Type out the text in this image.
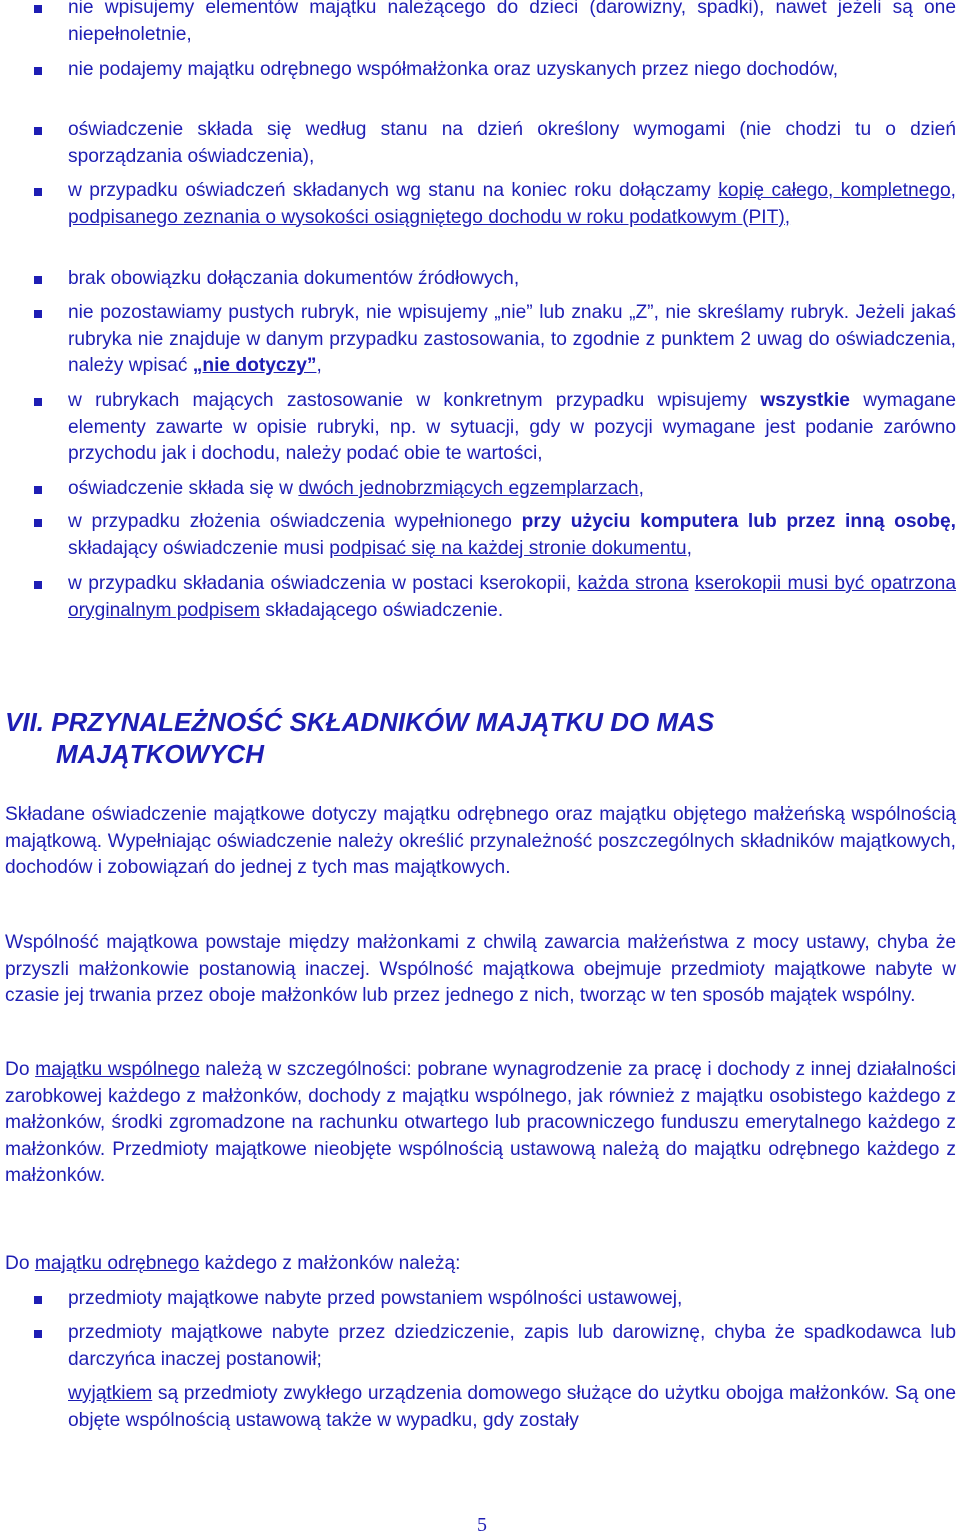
nie wpisujemy elementów majątku należącego do dzieci (darowizny, spadki), nawet jeżeli są one niepełnoletnie,

nie podajemy majątku odrębnego współmałżonka oraz uzyskanych przez niego dochodów,

oświadczenie składa się według stanu na dzień określony wymogami (nie chodzi tu o dzień sporządzania oświadczenia),

w przypadku oświadczeń składanych wg stanu na koniec roku dołączamy kopię całego, kompletnego, podpisanego zeznania o wysokości osiągniętego dochodu w roku podatkowym (PIT),

brak obowiązku dołączania dokumentów źródłowych,

nie pozostawiamy pustych rubryk, nie wpisujemy „nie” lub znaku „Z”, nie skreślamy rubryk. Jeżeli jakaś rubryka nie znajduje w danym przypadku zastosowania, to zgodnie z punktem 2 uwag do oświadczenia, należy wpisać „nie dotyczy”,

w rubrykach mających zastosowanie w konkretnym przypadku wpisujemy wszystkie wymagane elementy zawarte w opisie rubryki, np. w sytuacji, gdy w pozycji wymagane jest podanie zarówno przychodu jak i dochodu, należy podać obie te wartości,

oświadczenie składa się w dwóch jednobrzmiących egzemplarzach,

w przypadku złożenia oświadczenia wypełnionego przy użyciu komputera lub przez inną osobę, składający oświadczenie musi podpisać się na każdej stronie dokumentu,

w przypadku składania oświadczenia w postaci kserokopii, każda strona kserokopii musi być opatrzona oryginalnym podpisem składającego oświadczenie.

VII. PRZYNALEŻNOŚĆ SKŁADNIKÓW MAJĄTKU DO MAS
MAJĄTKOWYCH

Składane oświadczenie majątkowe dotyczy majątku odrębnego oraz majątku objętego małżeńską wspólnością majątkową. Wypełniając oświadczenie należy określić przynależność poszczególnych składników majątkowych, dochodów i zobowiązań do jednej z tych mas majątkowych.

Wspólność majątkowa powstaje między małżonkami z chwilą zawarcia małżeństwa z mocy ustawy, chyba że przyszli małżonkowie postanowią inaczej. Wspólność majątkowa obejmuje przedmioty majątkowe nabyte w czasie jej trwania przez oboje małżonków lub przez jednego z nich, tworząc w ten sposób majątek wspólny.

Do majątku wspólnego należą w szczególności: pobrane wynagrodzenie za pracę i dochody z innej działalności zarobkowej każdego z małżonków, dochody z majątku wspólnego, jak również z majątku osobistego każdego z małżonków, środki zgromadzone na rachunku otwartego lub pracowniczego funduszu emerytalnego każdego z małżonków. Przedmioty majątkowe nieobjęte wspólnością ustawową należą do majątku odrębnego każdego z małżonków.

Do majątku odrębnego każdego z małżonków należą:

przedmioty majątkowe nabyte przed powstaniem wspólności ustawowej,

przedmioty majątkowe nabyte przez dziedziczenie, zapis lub darowiznę, chyba że spadkodawca lub darczyńca inaczej postanowił;

wyjątkiem są przedmioty zwykłego urządzenia domowego służące do użytku obojga małżonków. Są one objęte wspólnością ustawową także w wypadku, gdy zostały

5
